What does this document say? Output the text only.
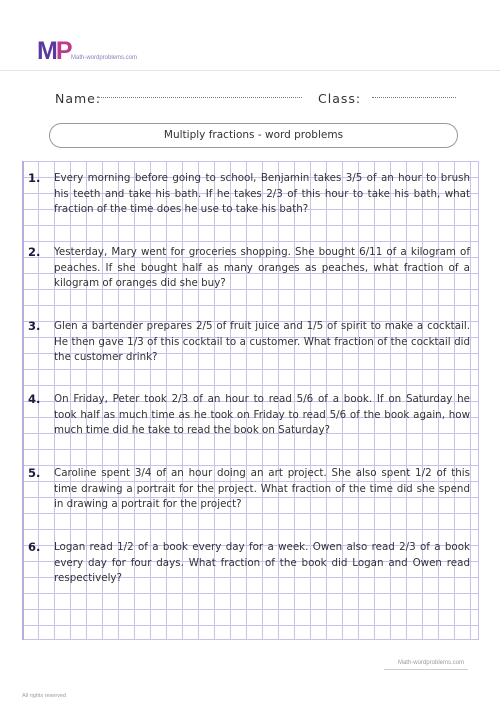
MP Math-wordproblems.com
Name:	Class:
Multiply fractions - word problems
1. Every morning before going to school, Benjamin takes 3/5 of an hour to brush his teeth and take his bath. If he takes 2/3 of this hour to take his bath, what fraction of the time does he use to take his bath?
2. Yesterday, Mary went for groceries shopping. She bought 6/11 of a kilogram of peaches. If she bought half as many oranges as peaches, what fraction of a kilogram of oranges did she buy?
3. Glen a bartender prepares 2/5 of fruit juice and 1/5 of spirit to make a cocktail. He then gave 1/3 of this cocktail to a customer. What fraction of the cocktail did the customer drink?
4. On Friday, Peter took 2/3 of an hour to read 5/6 of a book. If on Saturday he took half as much time as he took on Friday to read 5/6 of the book again, how much time did he take to read the book on Saturday?
5. Caroline spent 3/4 of an hour doing an art project. She also spent 1/2 of this time drawing a portrait for the project. What fraction of the time did she spend in drawing a portrait for the project?
6. Logan read 1/2 of a book every day for a week. Owen also read 2/3 of a book every day for four days. What fraction of the book did Logan and Owen read respectively?
Math-wordproblems.com
All rights reserved
